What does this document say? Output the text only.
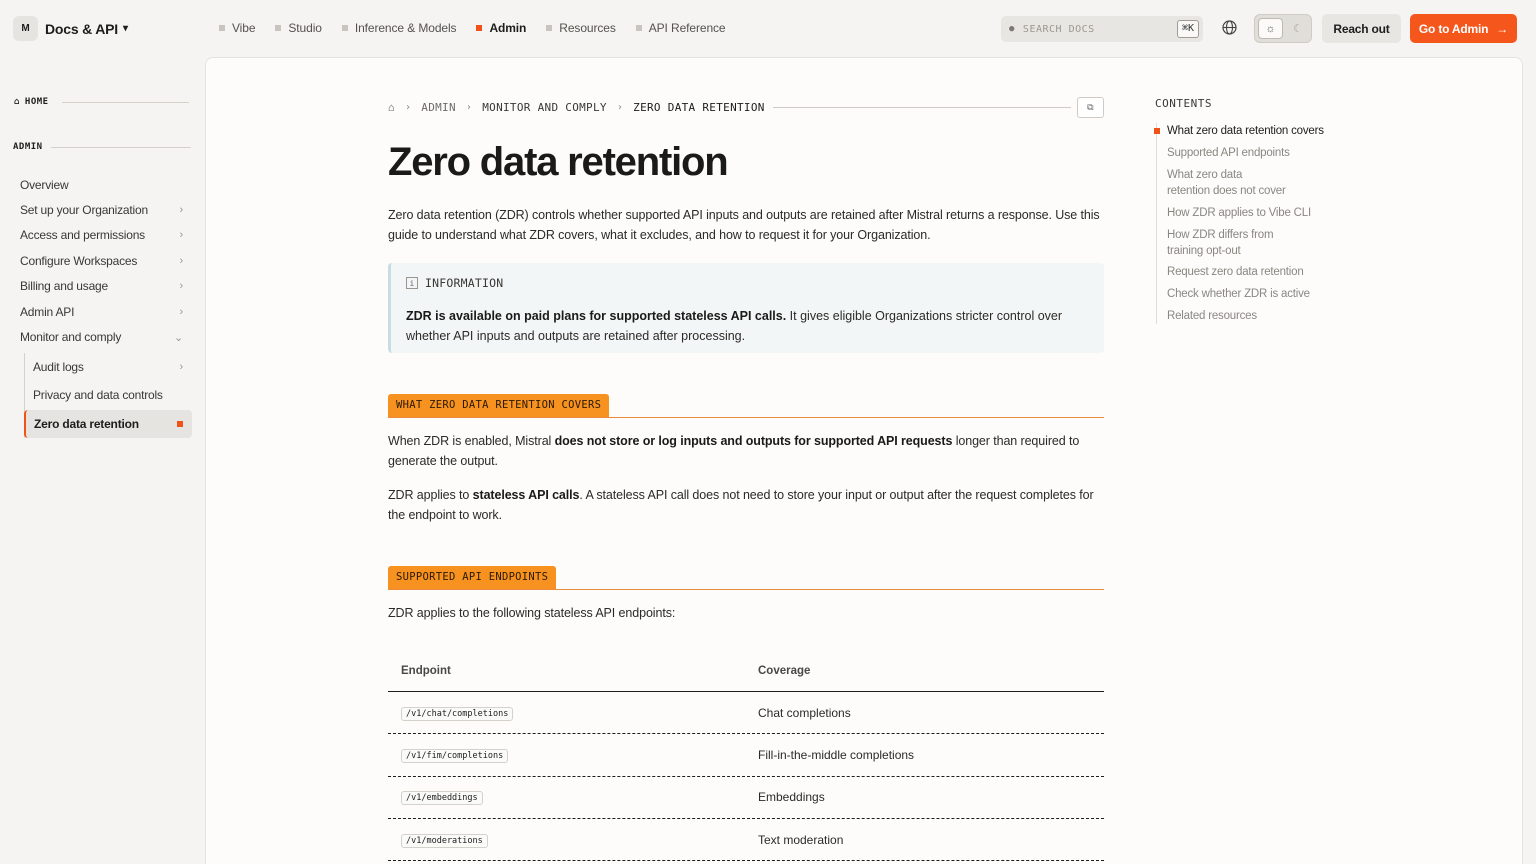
M	Docs & API ▾	Vibe	Studio	Inference & Models	Admin	Resources	API Reference	● SEARCH DOCS	⌘K	☼	☾	Reach out	Go to Admin →
⌂ HOME
ADMIN
Overview
Set up your Organization	›
Access and permissions	›
Configure Workspaces	›
Billing and usage	›
Admin API	›
Monitor and comply	⌄
Audit logs	›
Privacy and data controls
Zero data retention
⌂ › ADMIN › MONITOR AND COMPLY › ZERO DATA RETENTION	⧉
Zero data retention

Zero data retention (ZDR) controls whether supported API inputs and outputs are retained after Mistral returns a response. Use this guide to understand what ZDR covers, what it excludes, and how to request it for your Organization.

i INFORMATION
ZDR is available on paid plans for supported stateless API calls. It gives eligible Organizations stricter control over whether API inputs and outputs are retained after processing.
WHAT ZERO DATA RETENTION COVERS

When ZDR is enabled, Mistral does not store or log inputs and outputs for supported API requests longer than required to generate the output.

ZDR applies to stateless API calls. A stateless API call does not need to store your input or output after the request completes for the endpoint to work.

SUPPORTED API ENDPOINTS

ZDR applies to the following stateless API endpoints:

Endpoint	Coverage
/v1/chat/completions	Chat completions
/v1/fim/completions	Fill-in-the-middle completions
/v1/embeddings	Embeddings
/v1/moderations	Text moderation
CONTENTS
What zero data retention covers
Supported API endpoints
What zero data retention does not cover
How ZDR applies to Vibe CLI
How ZDR differs from training opt-out
Request zero data retention
Check whether ZDR is active
Related resources
